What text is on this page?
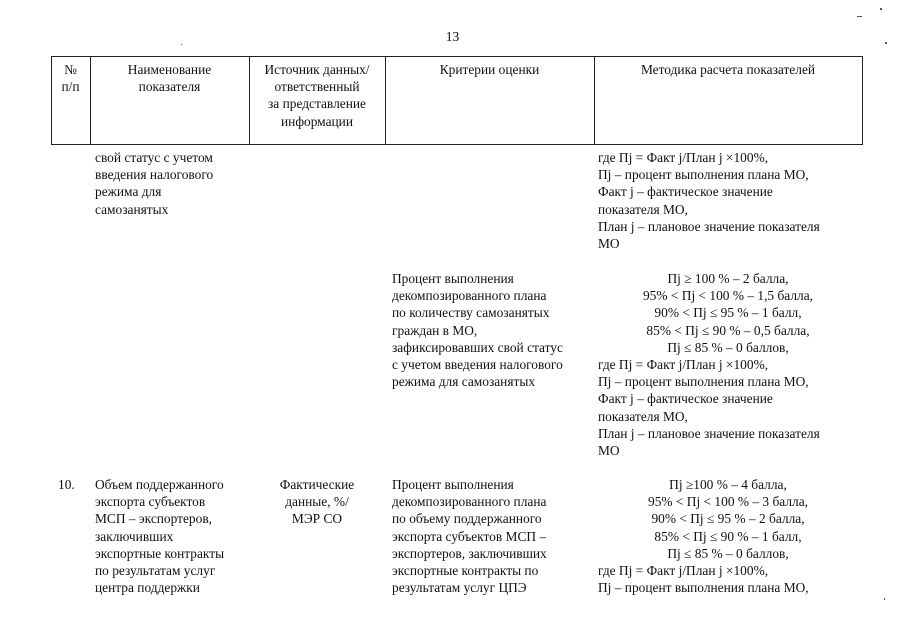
13
№
п/п
Наименование
показателя
Источник данных/
ответственный
за представление
информации
Критерии оценки	Методика расчета показателей
свой статус с учетом
введения налогового
режима для
самозанятых
где Пj = Факт j/План j ×100%,
Пj – процент выполнения плана МО,
Факт j – фактическое значение
показателя МО,
План j – плановое значение показателя
МО
Процент выполнения
декомпозированного плана
по количеству самозанятых
граждан в МО,
зафиксировавших свой статус
с учетом введения налогового
режима для самозанятых
Пj ≥ 100 % – 2 балла,
95% < Пj < 100 % – 1,5 балла,
90% < Пj ≤ 95 % – 1 балл,
85% < Пj ≤ 90 % – 0,5 балла,
Пj ≤ 85 % – 0 баллов,
где Пj = Факт j/План j ×100%,
Пj – процент выполнения плана МО,
Факт j – фактическое значение
показателя МО,
План j – плановое значение показателя
МО
10. Объем поддержанного
экспорта субъектов
МСП – экспортеров,
заключивших
экспортные контракты
по результатам услуг
центра поддержки
Фактические
данные, %/
МЭР СО
Процент выполнения
декомпозированного плана
по объему поддержанного
экспорта субъектов МСП –
экспортеров, заключивших
экспортные контракты по
результатам услуг ЦПЭ
Пj ≥100 % – 4 балла,
95% < Пj < 100 % – 3 балла,
90% < Пj ≤ 95 % – 2 балла,
85% < Пj ≤ 90 % – 1 балл,
Пj ≤ 85 % – 0 баллов,
где Пj = Факт j/План j ×100%,
Пj – процент выполнения плана МО,
